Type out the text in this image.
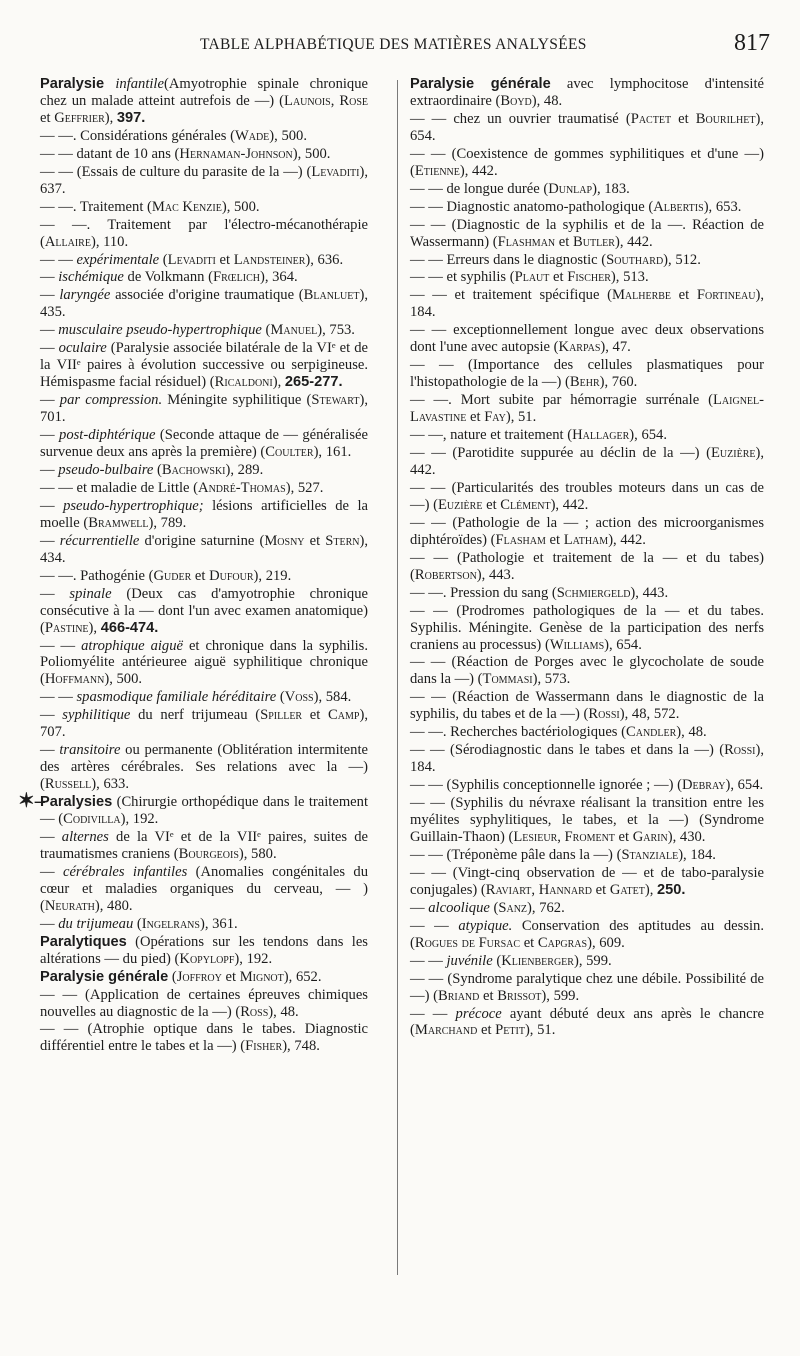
TABLE ALPHABÉTIQUE DES MATIÈRES ANALYSÉES	817
✶–

Paralysie infantile(Amyotrophie spinale chronique chez un malade atteint autrefois de —) (Launois, Rose et Geffrier), 397.

— —. Considérations générales (Wade), 500.

— — datant de 10 ans (Hernaman-Johnson), 500.

— — (Essais de culture du parasite de la —) (Levaditi), 637.

— —. Traitement (Mac Kenzie), 500.

— —. Traitement par l'électro-mécanothérapie (Allaire), 110.

— — expérimentale (Levaditi et Landsteiner), 636.

— ischémique de Volkmann (Frœlich), 364.

— laryngée associée d'origine traumatique (Blanluet), 435.

— musculaire pseudo-hypertrophique (Manuel), 753.

— oculaire (Paralysie associée bilatérale de la VIᵉ et de la VIIᵉ paires à évolution successive ou serpigineuse. Hémispasme facial résiduel) (Ricaldoni), 265-277.

— par compression. Méningite syphilitique (Stewart), 701.

— post-diphtérique (Seconde attaque de — généralisée survenue deux ans après la première) (Coulter), 161.

— pseudo-bulbaire (Bachowski), 289.

— — et maladie de Little (André-Thomas), 527.

— pseudo-hypertrophique; lésions artificielles de la moelle (Bramwell), 789.

— récurrentielle d'origine saturnine (Mosny et Stern), 434.

— —. Pathogénie (Guder et Dufour), 219.

— spinale (Deux cas d'amyotrophie chronique consécutive à la — dont l'un avec examen anatomique) (Pastine), 466-474.

— — atrophique aiguë et chronique dans la syphilis. Poliomyélite antérieuree aiguë syphilitique chronique (Hoffmann), 500.

— — spasmodique familiale héréditaire (Voss), 584.

— syphilitique du nerf trijumeau (Spiller et Camp), 707.

— transitoire ou permanente (Oblitération intermitente des artères cérébrales. Ses relations avec la —) (Russell), 633.

Paralysies (Chirurgie orthopédique dans le traitement — (Codivilla), 192.

— alternes de la VIᵉ et de la VIIᵉ paires, suites de traumatismes craniens (Bourgeois), 580.

— cérébrales infantiles (Anomalies congénitales du cœur et maladies organiques du cerveau, — ) (Neurath), 480.

— du trijumeau (Ingelrans), 361.

Paralytiques (Opérations sur les tendons dans les altérations — du pied) (Kopylopf), 192.

Paralysie générale (Joffroy et Mignot), 652.

— — (Application de certaines épreuves chimiques nouvelles au diagnostic de la —) (Ross), 48.

— — (Atrophie optique dans le tabes. Diagnostic différentiel entre le tabes et la —) (Fisher), 748.

Paralysie générale avec lymphocitose d'intensité extraordinaire (Boyd), 48.

— — chez un ouvrier traumatisé (Pactet et Bourilhet), 654.

— — (Coexistence de gommes syphilitiques et d'une —) (Etienne), 442.

— — de longue durée (Dunlap), 183.

— — Diagnostic anatomo-pathologique (Albertis), 653.

— — (Diagnostic de la syphilis et de la —. Réaction de Wassermann) (Flashman et Butler), 442.

— — Erreurs dans le diagnostic (Southard), 512.

— — et syphilis (Plaut et Fischer), 513.

— — et traitement spécifique (Malherbe et Fortineau), 184.

— — exceptionnellement longue avec deux observations dont l'une avec autopsie (Karpas), 47.

— — (Importance des cellules plasmatiques pour l'histopathologie de la —) (Behr), 760.

— —. Mort subite par hémorragie surrénale (Laignel-Lavastine et Fay), 51.

— —, nature et traitement (Hallager), 654.

— — (Parotidite suppurée au déclin de la —) (Euzière), 442.

— — (Particularités des troubles moteurs dans un cas de —) (Euzière et Clément), 442.

— — (Pathologie de la — ; action des microorganismes diphtéroïdes) (Flasham et Latham), 442.

— — (Pathologie et traitement de la — et du tabes) (Robertson), 443.

— —. Pression du sang (Schmiergeld), 443.

— — (Prodromes pathologiques de la — et du tabes. Syphilis. Méningite. Genèse de la participation des nerfs craniens au processus) (Williams), 654.

— — (Réaction de Porges avec le glycocholate de soude dans la —) (Tommasi), 573.

— — (Réaction de Wassermann dans le diagnostic de la syphilis, du tabes et de la —) (Rossi), 48, 572.

— —. Recherches bactériologiques (Candler), 48.

— — (Sérodiagnostic dans le tabes et dans la —) (Rossi), 184.

— — (Syphilis conceptionnelle ignorée ; —) (Debray), 654.

— — (Syphilis du névraxe réalisant la transition entre les myélites syphylitiques, le tabes, et la —) (Syndrome Guillain-Thaon) (Lesieur, Froment et Garin), 430.

— — (Tréponème pâle dans la —) (Stanziale), 184.

— — (Vingt-cinq observation de — et de tabo-paralysie conjugales) (Raviart, Hannard et Gatet), 250.

— alcoolique (Sanz), 762.

— — atypique. Conservation des aptitudes au dessin. (Rogues de Fursac et Capgras), 609.

— — juvénile (Klienberger), 599.

— — (Syndrome paralytique chez une débile. Possibilité de —) (Briand et Brissot), 599.

— — précoce ayant débuté deux ans après le chancre (Marchand et Petit), 51.
